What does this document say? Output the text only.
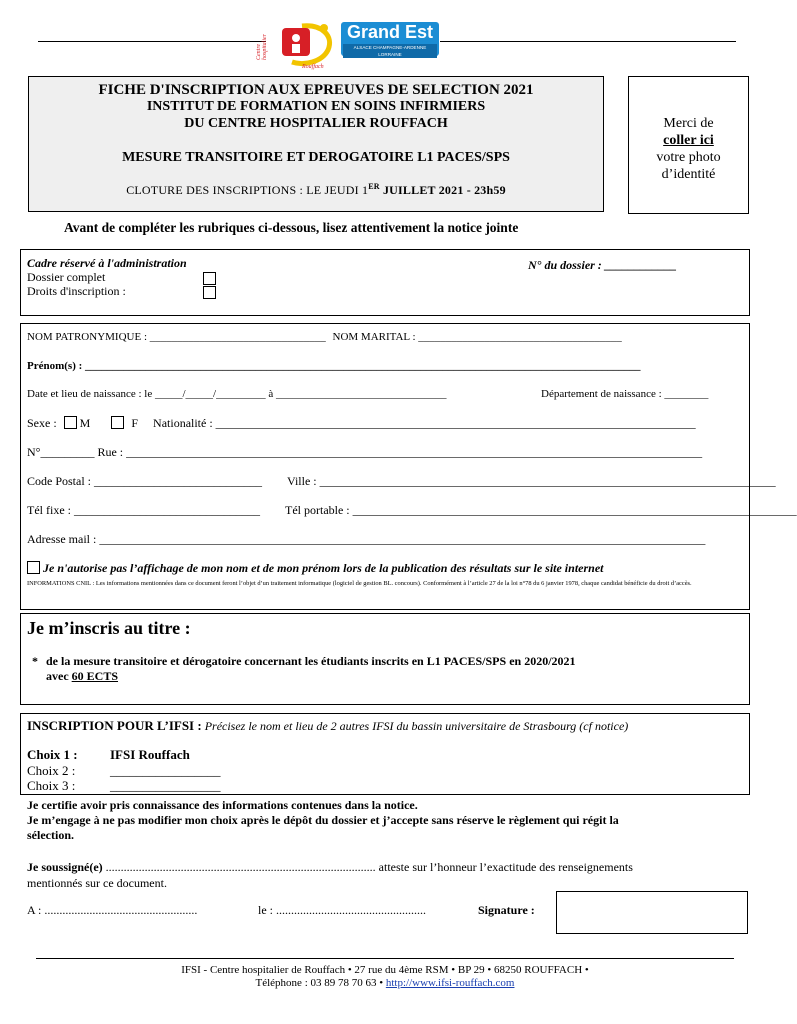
Centre hospitalier
Rouffach
Grand Est
ALSACE CHAMPAGNE-ARDENNE LORRAINE
FICHE D'INSCRIPTION AUX EPREUVES DE SELECTION 2021
INSTITUT DE FORMATION EN SOINS INFIRMIERS
DU CENTRE HOSPITALIER ROUFFACH
MESURE TRANSITOIRE ET DEROGATOIRE L1 PACES/SPS
CLOTURE DES INSCRIPTIONS : LE JEUDI 1ER JUILLET 2021 - 23h59
Merci de
coller ici
votre photo
d’identité
Avant de compléter les rubriques ci-dessous, lisez attentivement la notice jointe
Cadre réservé à l'administration
Dossier complet
Droits d'inscription :
N° du dossier : ____________
NOM PATRONYMIQUE : ________________________________ NOM MARITAL : _____________________________________
Prénom(s) : _____________________________________________________________________________________________________
Date et lieu de naissance : le _____/_____/_________ à _______________________________	Département de naissance : ________
Sexe : M	F Nationalité : ________________________________________________________________________________
N°_________ Rue : ________________________________________________________________________________________________
Code Postal : ____________________________	Ville : ____________________________________________________________________________
Tél fixe : _______________________________	Tél portable : __________________________________________________________________________
Adresse mail : _____________________________________________________________________________________________________
Je n'autorise pas l’affichage de mon nom et de mon prénom lors de la publication des résultats sur le site internet
INFORMATIONS CNIL : Les informations mentionnées dans ce document feront l’objet d’un traitement informatique (logiciel de gestion BL. concours). Conformément à l’article 27 de la loi n°78 du 6 janvier 1978, chaque candidat bénéficie du droit d’accès.
Je m’inscris au titre :
* de la mesure transitoire et dérogatoire concernant les étudiants inscrits en L1 PACES/SPS en 2020/2021
avec 60 ECTS
INSCRIPTION POUR L’IFSI : Précisez le nom et lieu de 2 autres IFSI du bassin universitaire de Strasbourg (cf notice)
Choix 1 : IFSI Rouffach
Choix 2 :	_________________
Choix 3 :	_________________
Je certifie avoir pris connaissance des informations contenues dans la notice.
Je m’engage à ne pas modifier mon choix après le dépôt du dossier et j’accepte sans réserve le règlement qui régit la
sélection.
Je soussigné(e) .......................................................................................... atteste sur l’honneur l’exactitude des renseignements
mentionnés sur ce document.
A : ...................................................	le : ..................................................	Signature :
IFSI - Centre hospitalier de Rouffach • 27 rue du 4ème RSM • BP 29 • 68250 ROUFFACH •
Téléphone : 03 89 78 70 63 • http://www.ifsi-rouffach.com
